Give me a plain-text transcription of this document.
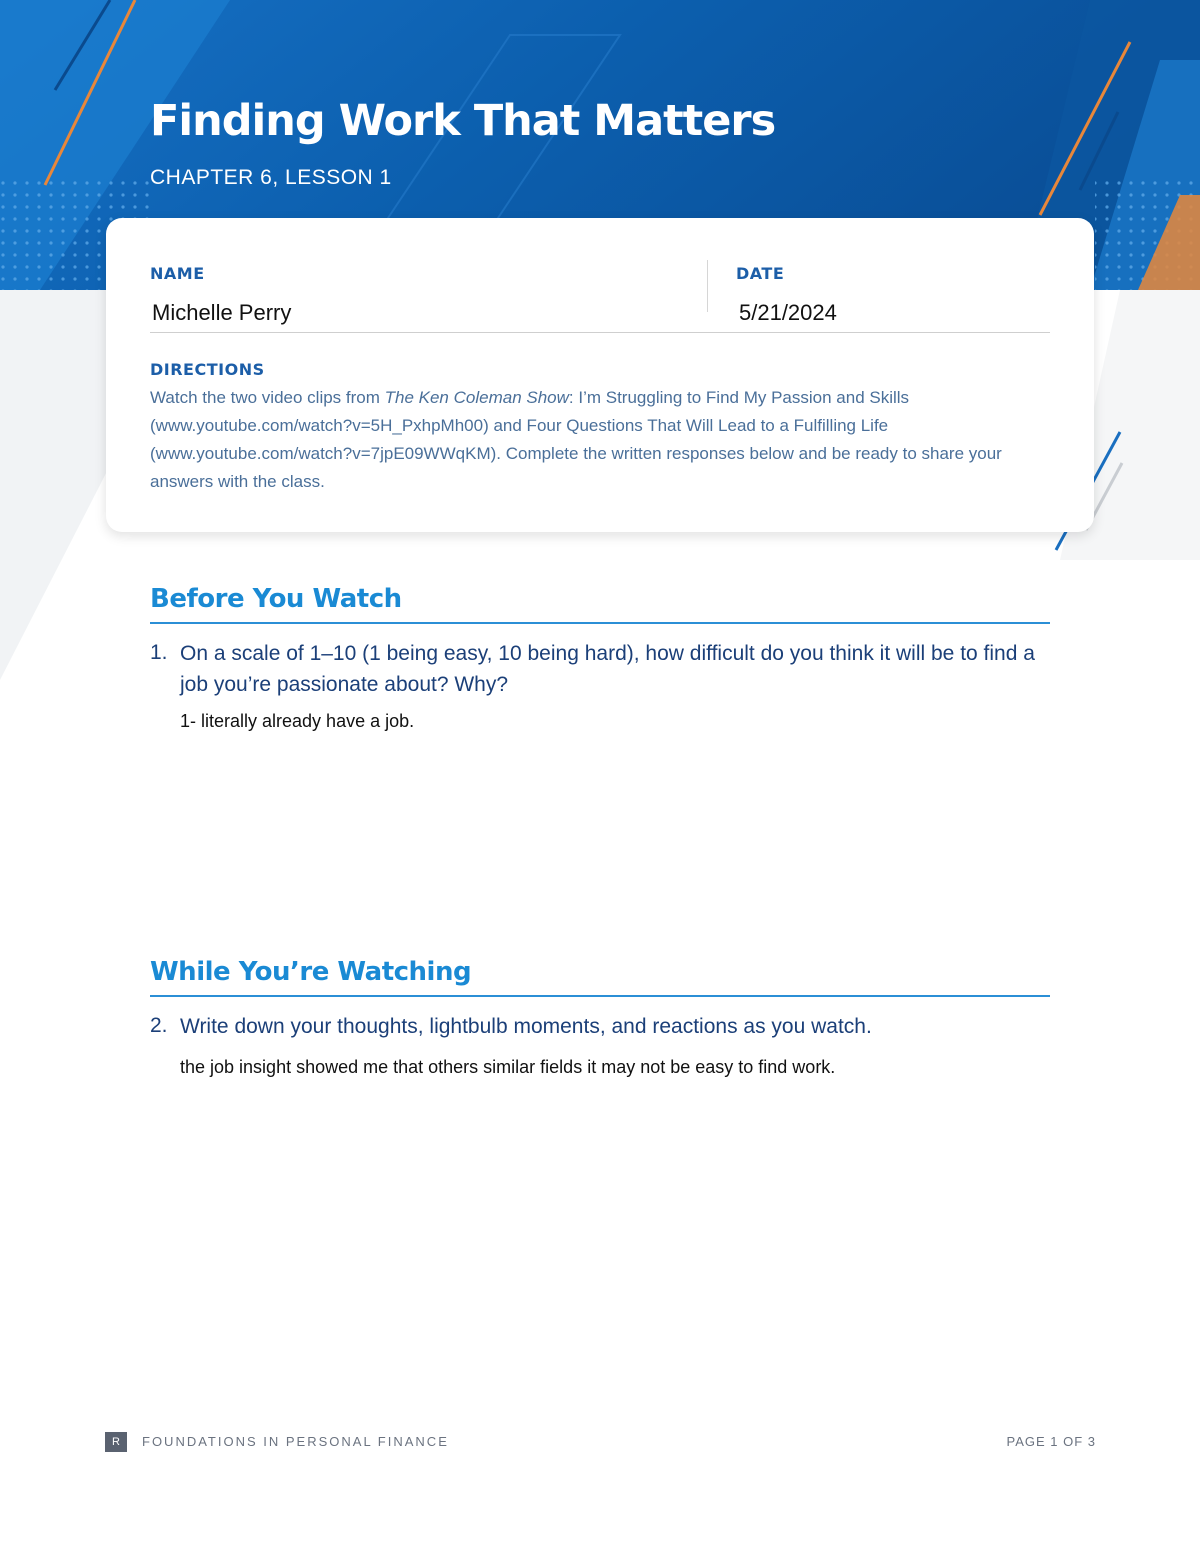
Finding Work That Matters
CHAPTER 6, LESSON 1
NAME
Michelle Perry
DATE
5/21/2024
DIRECTIONS

Watch the two video clips from The Ken Coleman Show: I’m Struggling to Find My Passion and Skills (www.youtube.com/watch?v=5H_PxhpMh00) and Four Questions That Will Lead to a Fulfilling Life (www.youtube.com/watch?v=7jpE09WWqKM). Complete the written responses below and be ready to share your answers with the class.

Before You Watch
1. On a scale of 1–10 (1 being easy, 10 being hard), how difficult do you think it will be to find a job you’re passionate about? Why?
1- literally already have a job.
While You’re Watching
2. Write down your thoughts, lightbulb moments, and reactions as you watch.
the job insight showed me that others similar fields it may not be easy to find work.
R	FOUNDATIONS IN PERSONAL FINANCE	PAGE 1 OF 3
